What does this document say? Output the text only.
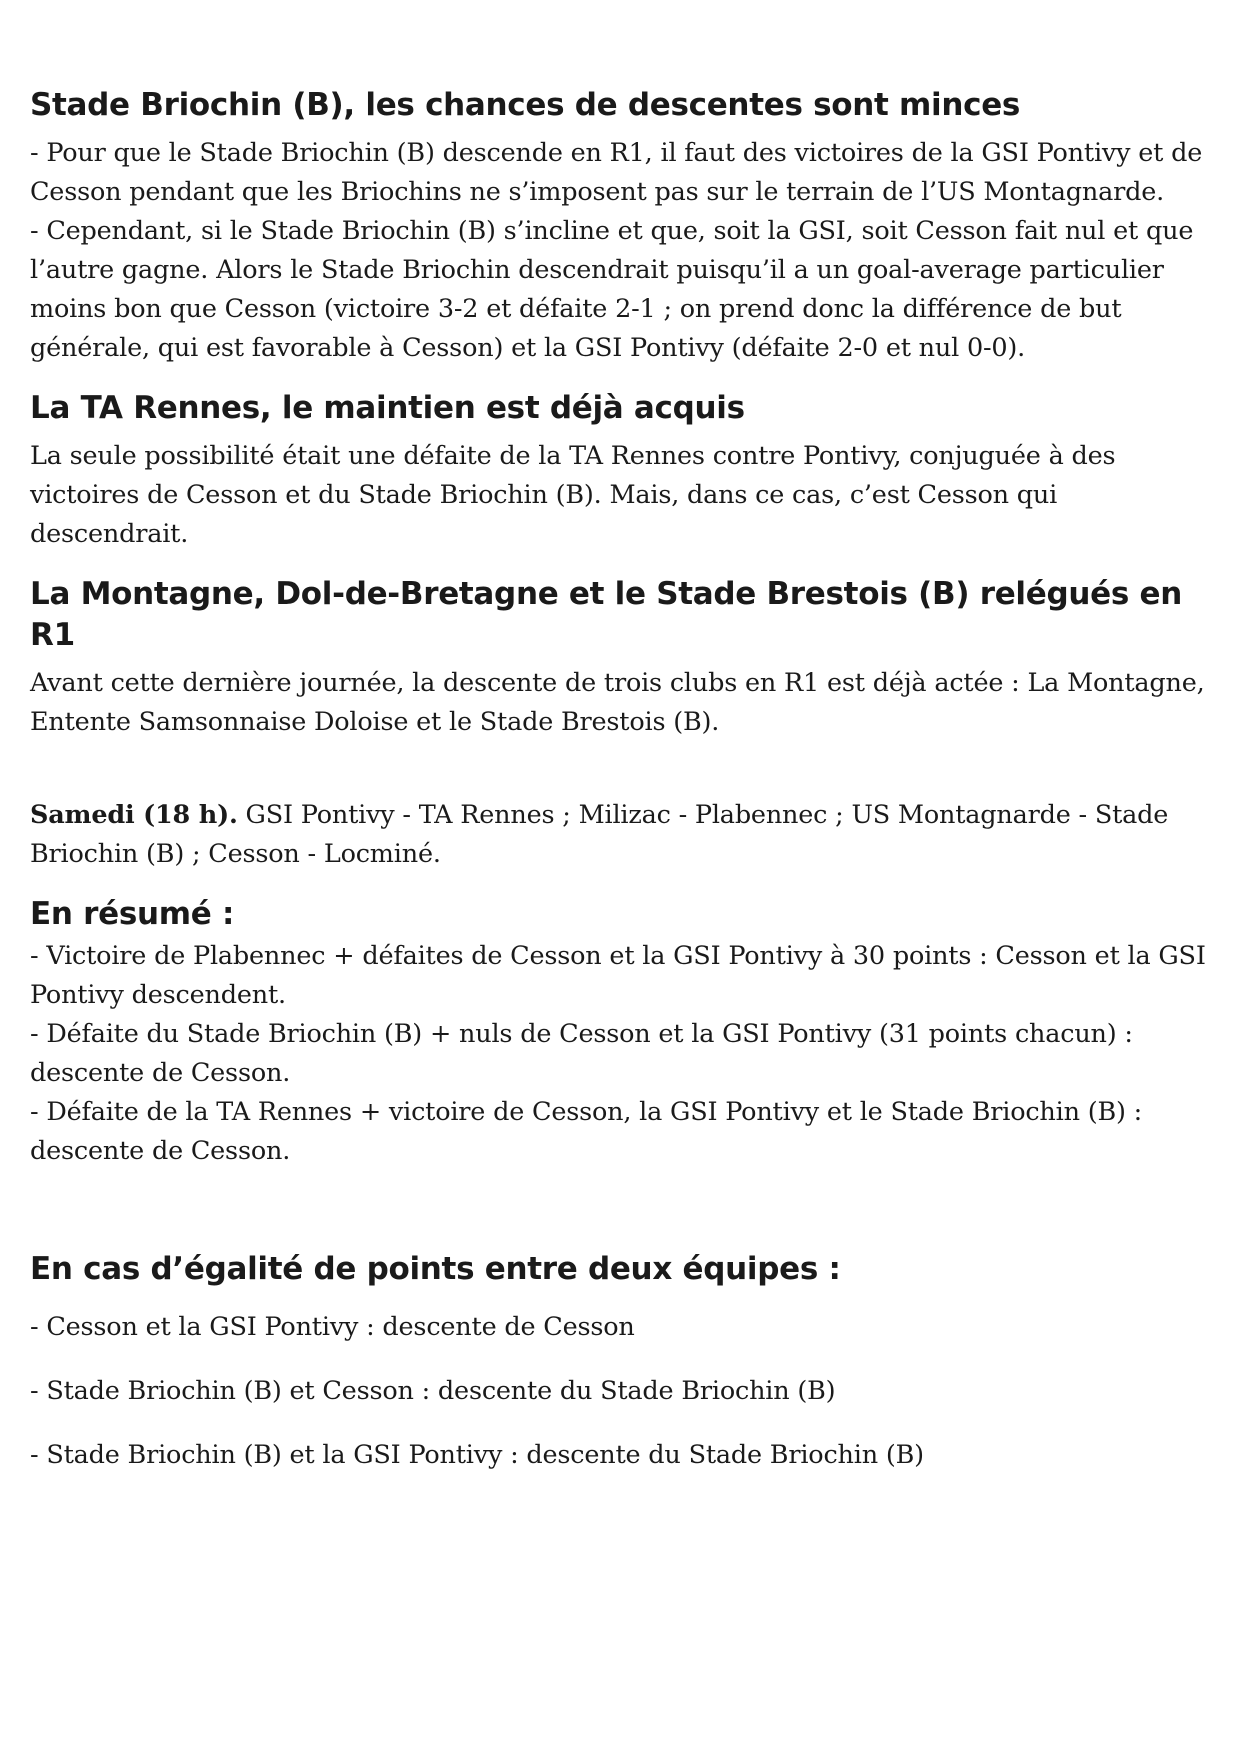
Stade Briochin (B), les chances de descentes sont minces

- Pour que le Stade Briochin (B) descende en R1, il faut des victoires de la GSI Pontivy et de Cesson pendant que les Briochins ne s’imposent pas sur le terrain de l’US Montagnarde.

- Cependant, si le Stade Briochin (B) s’incline et que, soit la GSI, soit Cesson fait nul et que l’autre gagne. Alors le Stade Briochin descendrait puisqu’il a un goal-average particulier moins bon que Cesson (victoire 3-2 et défaite 2-1 ; on prend donc la différence de but générale, qui est favorable à Cesson) et la GSI Pontivy (défaite 2-0 et nul 0-0).

La TA Rennes, le maintien est déjà acquis

La seule possibilité était une défaite de la TA Rennes contre Pontivy, conjuguée à des victoires de Cesson et du Stade Briochin (B). Mais, dans ce cas, c’est Cesson qui descendrait.

La Montagne, Dol-de-Bretagne et le Stade Brestois (B) relégués en R1

Avant cette dernière journée, la descente de trois clubs en R1 est déjà actée : La Montagne, Entente Samsonnaise Doloise et le Stade Brestois (B).

Samedi (18 h). GSI Pontivy - TA Rennes ; Milizac - Plabennec ; US Montagnarde - Stade Briochin (B) ; Cesson - Locminé.

En résumé :

- Victoire de Plabennec + défaites de Cesson et la GSI Pontivy à 30 points : Cesson et la GSI Pontivy descendent.

- Défaite du Stade Briochin (B) + nuls de Cesson et la GSI Pontivy (31 points chacun) : descente de Cesson.

- Défaite de la TA Rennes + victoire de Cesson, la GSI Pontivy et le Stade Briochin (B) : descente de Cesson.

En cas d’égalité de points entre deux équipes :

- Cesson et la GSI Pontivy : descente de Cesson

- Stade Briochin (B) et Cesson : descente du Stade Briochin (B)

- Stade Briochin (B) et la GSI Pontivy : descente du Stade Briochin (B)
